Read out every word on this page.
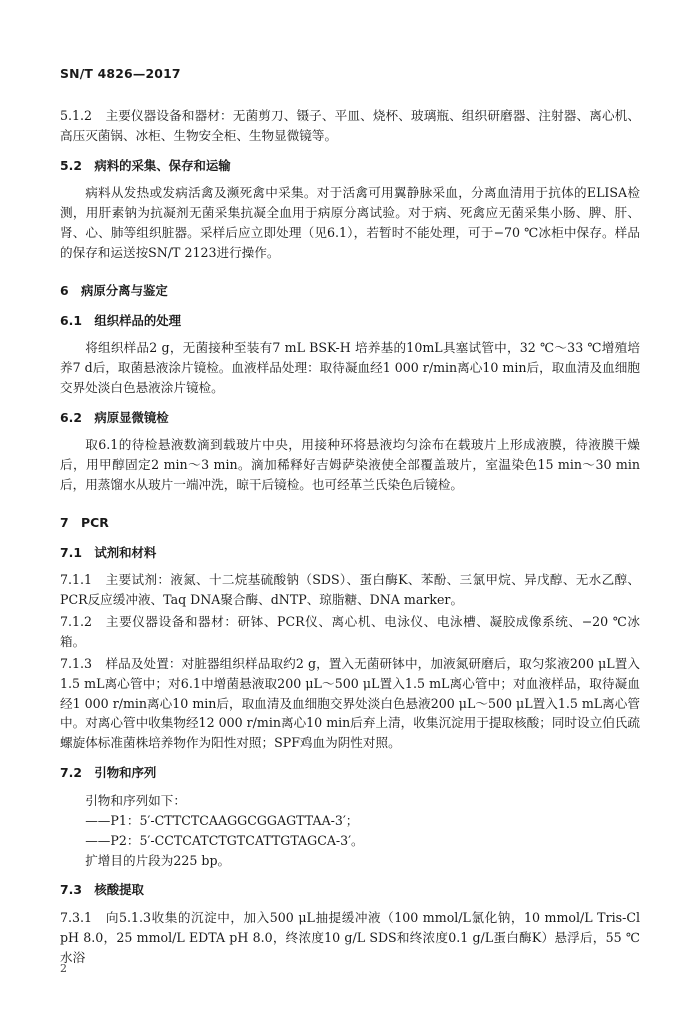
SN/T 4826—2017
5.1.2 主要仪器设备和器材：无菌剪刀、镊子、平皿、烧杯、玻璃瓶、组织研磨器、注射器、离心机、高压灭菌锅、冰柜、生物安全柜、生物显微镜等。
5.2  病料的采集、保存和运输

病料从发热或发病活禽及濒死禽中采集。对于活禽可用翼静脉采血，分离血清用于抗体的ELISA检测，用肝素钠为抗凝剂无菌采集抗凝全血用于病原分离试验。对于病、死禽应无菌采集小肠、脾、肝、肾、心、肺等组织脏器。采样后应立即处理（见6.1），若暂时不能处理，可于−70 ℃冰柜中保存。样品的保存和运送按SN/T 2123进行操作。

6  病原分离与鉴定
6.1  组织样品的处理

将组织样品2 g，无菌接种至装有7 mL BSK-H 培养基的10mL具塞试管中，32 ℃～33 ℃增殖培养7 d后，取菌悬液涂片镜检。血液样品处理：取待凝血经1 000 r/min离心10 min后，取血清及血细胞交界处淡白色悬液涂片镜检。

6.2  病原显微镜检

取6.1的待检悬液数滴到载玻片中央，用接种环将悬液均匀涂布在载玻片上形成液膜，待液膜干燥后，用甲醇固定2 min～3 min。滴加稀释好吉姆萨染液使全部覆盖玻片，室温染色15 min～30 min后，用蒸馏水从玻片一端冲洗，晾干后镜检。也可经革兰氏染色后镜检。

7  PCR
7.1  试剂和材料
7.1.1 主要试剂：液氮、十二烷基硫酸钠（SDS）、蛋白酶K、苯酚、三氯甲烷、异戊醇、无水乙醇、PCR反应缓冲液、Taq DNA聚合酶、dNTP、琼脂糖、DNA marker。
7.1.2 主要仪器设备和器材：研钵、PCR仪、离心机、电泳仪、电泳槽、凝胶成像系统、−20 ℃冰箱。
7.1.3 样品及处置：对脏器组织样品取约2 g，置入无菌研钵中，加液氮研磨后，取匀浆液200 μL置入1.5 mL离心管中；对6.1中增菌悬液取200 μL～500 μL置入1.5 mL离心管中；对血液样品，取待凝血经1 000 r/min离心10 min后，取血清及血细胞交界处淡白色悬液200 μL～500 μL置入1.5 mL离心管中。对离心管中收集物经12 000 r/min离心10 min后弃上清，收集沉淀用于提取核酸；同时设立伯氏疏螺旋体标准菌株培养物作为阳性对照；SPF鸡血为阴性对照。
7.2  引物和序列
引物和序列如下：
——P1：5′-CTTCTCAAGGCGGAGTTAA-3′；
——P2：5′-CCTCATCTGTCATTGTAGCA-3′。
扩增目的片段为225 bp。
7.3  核酸提取
7.3.1 向5.1.3收集的沉淀中，加入500 μL抽提缓冲液（100 mmol/L氯化钠，10 mmol/L Tris-Cl pH 8.0，25 mmol/L EDTA pH 8.0，终浓度10 g/L SDS和终浓度0.1 g/L蛋白酶K）悬浮后，55 ℃水浴
2
